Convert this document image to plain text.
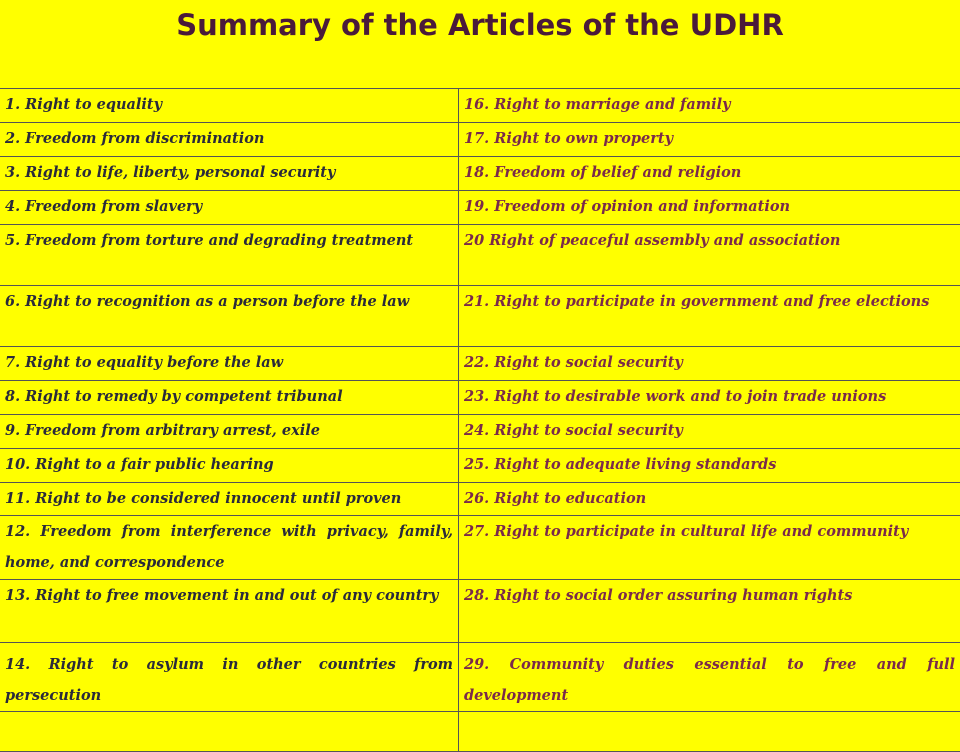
Summary of the Articles of the UDHR
1. Right to equality	16. Right to marriage and family
2. Freedom from discrimination	17. Right to own property
3. Right to life, liberty, personal security	18. Freedom of belief and religion
4. Freedom from slavery	19. Freedom of opinion and information
5. Freedom from torture and degrading treatment	20 Right of peaceful assembly and association
6. Right to recognition as a person before the law	21. Right to participate in government and free elections
7. Right to equality before the law	22. Right to social security
8. Right to remedy by competent tribunal	23. Right to desirable work and to join trade unions
9. Freedom from arbitrary arrest, exile	24. Right to social security
10. Right to a fair public hearing	25. Right to adequate living standards
11. Right to be considered innocent until proven	26. Right to education
12. Freedom from interference with privacy, family, home, and correspondence	27. Right to participate in cultural life and community
13. Right to free movement in and out of any country	28. Right to social order assuring human rights
14. Right to asylum in other countries from persecution	29. Community duties essential to free and full development
